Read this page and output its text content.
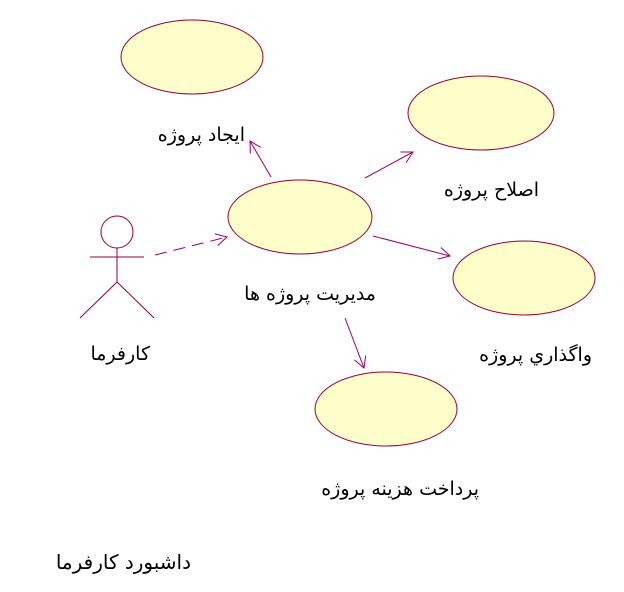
کارفرما
ايجاد پروژه
اصلاح پروژه
مديريت پروژه ها
واگذاري پروژه
پرداخت هزينه پروژه
داشبورد کارفرما
